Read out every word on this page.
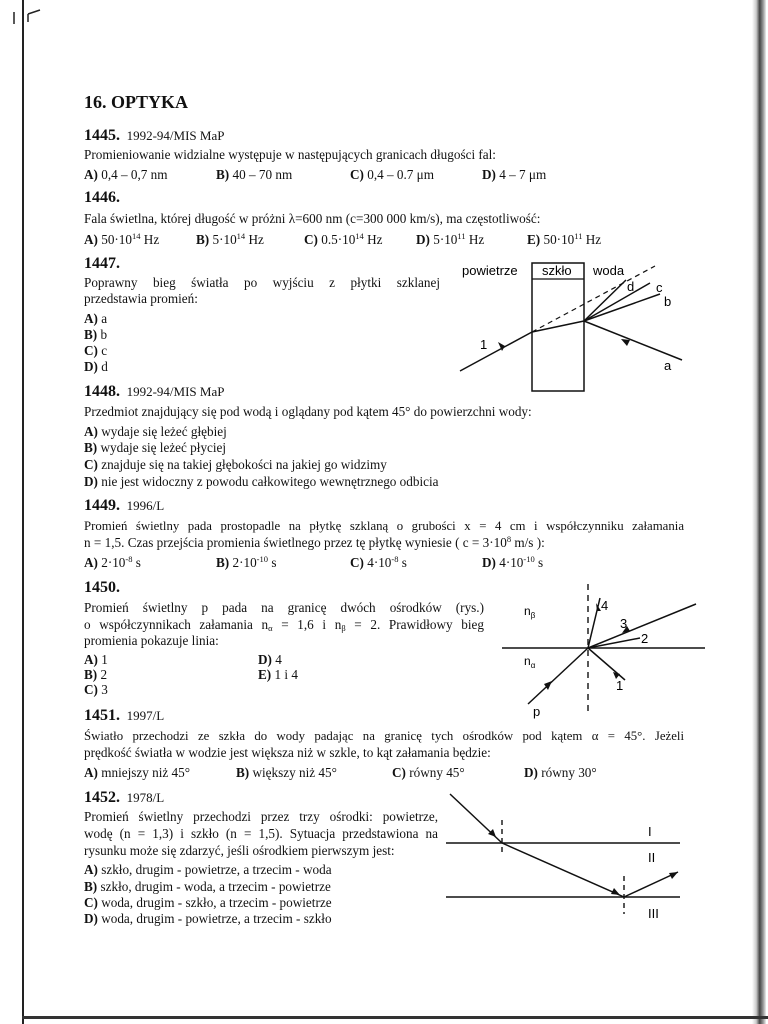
16. OPTYKA
1445. 1992-94/MIS MaP
Promieniowanie widzialne występuje w następujących granicach długości fal:
A) 0,4 – 0,7 nm	B) 40 – 70 nm	C) 0,4 – 0.7 μm	D) 4 – 7 μm
1446.
Fala świetlna, której długość w próżni λ=600 nm (c=300 000 km/s), ma częstotliwość:
A) $50\cdot 10^{14}$ Hz	B) $5\cdot 10^{14}$ Hz	C) $0.5\cdot 10^{14}$ Hz	D) $5\cdot 10^{11}$ Hz	E) $50\cdot 10^{11}$ Hz
1447.
Poprawny bieg światła po wyjściu z płytki szklanej
przedstawia promień:
A) a
B) b
C) c
D) d
powietrze szkło woda
1
a
b
c
d
1448. 1992-94/MIS MaP
Przedmiot znajdujący się pod wodą i oglądany pod kątem 45° do powierzchni wody:
A) wydaje się leżeć głębiej
B) wydaje się leżeć płyciej
C) znajduje się na takiej głębokości na jakiej go widzimy
D) nie jest widoczny z powodu całkowitego wewnętrznego odbicia
1449. 1996/L
Promień świetlny pada prostopadle na płytkę szklaną o grubości x = 4 cm i współczynniku załamania
n = 1,5. Czas przejścia promienia świetlnego przez tę płytkę wyniesie ( $c = 3\cdot 10^8$ m/s ):
A) $2\cdot 10^{-8}$ s	B) $2\cdot 10^{-10}$ s	C) $4\cdot 10^{-8}$ s	D) $4\cdot 10^{-10}$ s
1450.
Promień świetlny p pada na granicę dwóch ośrodków (rys.)
o współczynnikach załamania $n_\alpha = 1,6$ i $n_\beta = 2$. Prawidłowy bieg
promienia pokazuje linia:
A) 1
B) 2
C) 3
D) 4
E) 1 i 4
$n_\beta$
$n_\alpha$
p
4
3
2
1
1451. 1997/L
Światło przechodzi ze szkła do wody padając na granicę tych ośrodków pod kątem α = 45°. Jeżeli
prędkość światła w wodzie jest większa niż w szkle, to kąt załamania będzie:
A) mniejszy niż 45°	B) większy niż 45°	C) równy 45°	D) równy 30°
1452. 1978/L
Promień świetlny przechodzi przez trzy ośrodki: powietrze,
wodę (n = 1,3) i szkło (n = 1,5). Sytuacja przedstawiona na
rysunku może się zdarzyć, jeśli ośrodkiem pierwszym jest:
A) szkło, drugim - powietrze, a trzecim - woda
B) szkło, drugim - woda, a trzecim - powietrze
C) woda, drugim - szkło, a trzecim - powietrze
D) woda, drugim - powietrze, a trzecim - szkło
I
II
III
